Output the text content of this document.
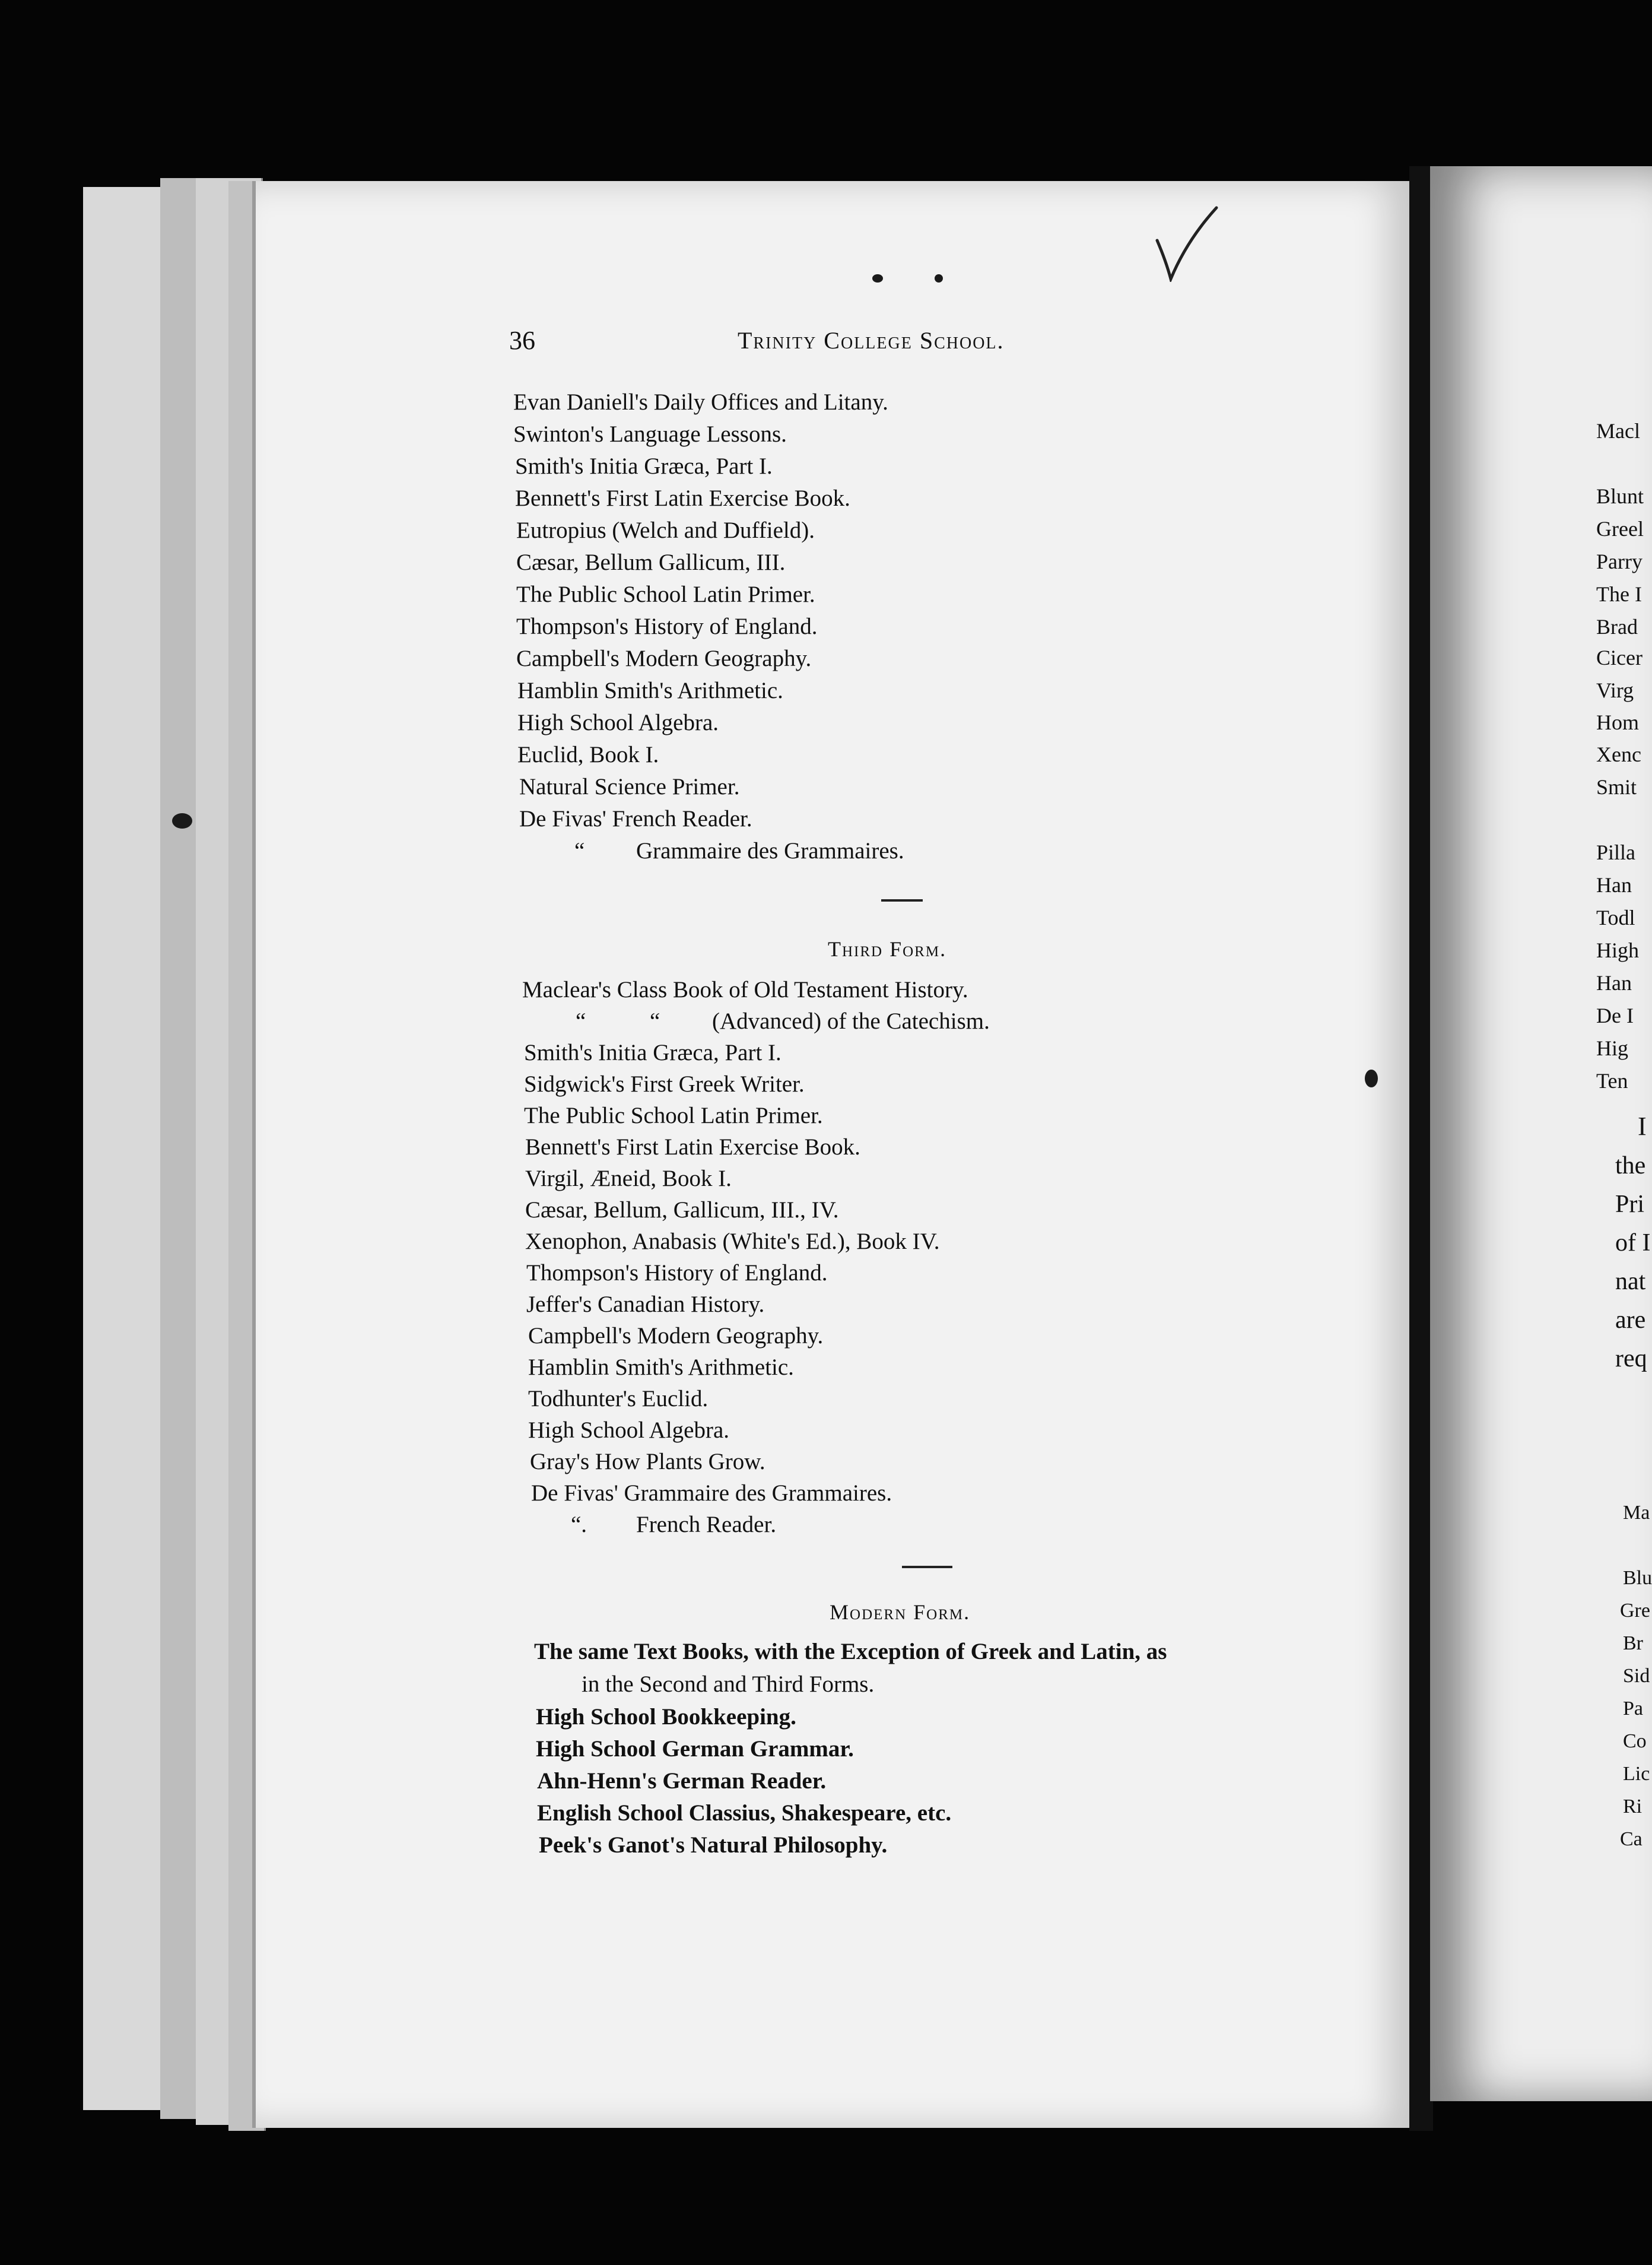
36	Trinity College School.
Evan Daniell's Daily Offices and Litany.
Swinton's Language Lessons.
Smith's Initia Græca, Part I.
Bennett's First Latin Exercise Book.
Eutropius (Welch and Duffield).
Cæsar, Bellum Gallicum, III.
The Public School Latin Primer.
Thompson's History of England.
Campbell's Modern Geography.
Hamblin Smith's Arithmetic.
High School Algebra.
Euclid, Book I.
Natural Science Primer.
De Fivas' French Reader.
“ Grammaire des Grammaires.
Third Form.
Maclear's Class Book of Old Testament History.
“	“ (Advanced) of the Catechism.
Smith's Initia Græca, Part I.
Sidgwick's First Greek Writer.
The Public School Latin Primer.
Bennett's First Latin Exercise Book.
Virgil, Æneid, Book I.
Cæsar, Bellum, Gallicum, III., IV.
Xenophon, Anabasis (White's Ed.), Book IV.
Thompson's History of England.
Jeffer's Canadian History.
Campbell's Modern Geography.
Hamblin Smith's Arithmetic.
Todhunter's Euclid.
High School Algebra.
Gray's How Plants Grow.
De Fivas' Grammaire des Grammaires.
“. French Reader.
Modern Form.
The same Text Books, with the Exception of Greek and Latin, as
in the Second and Third Forms.
High School Bookkeeping.
High School German Grammar.
Ahn-Henn's German Reader.
English School Classius, Shakespeare, etc.
Peek's Ganot's Natural Philosophy.
Macl
Blunt
Greel
Parry
The I
Brad
Cicer
Virg
Hom
Xenc
Smit
Pilla
Han
Todl
High
Han
De I
Hig
Ten
I
the
Pri
of I
nat
are
req
Ma
Blu
Gre
Br
Sid
Pa
Co
Lic
Ri
Ca
